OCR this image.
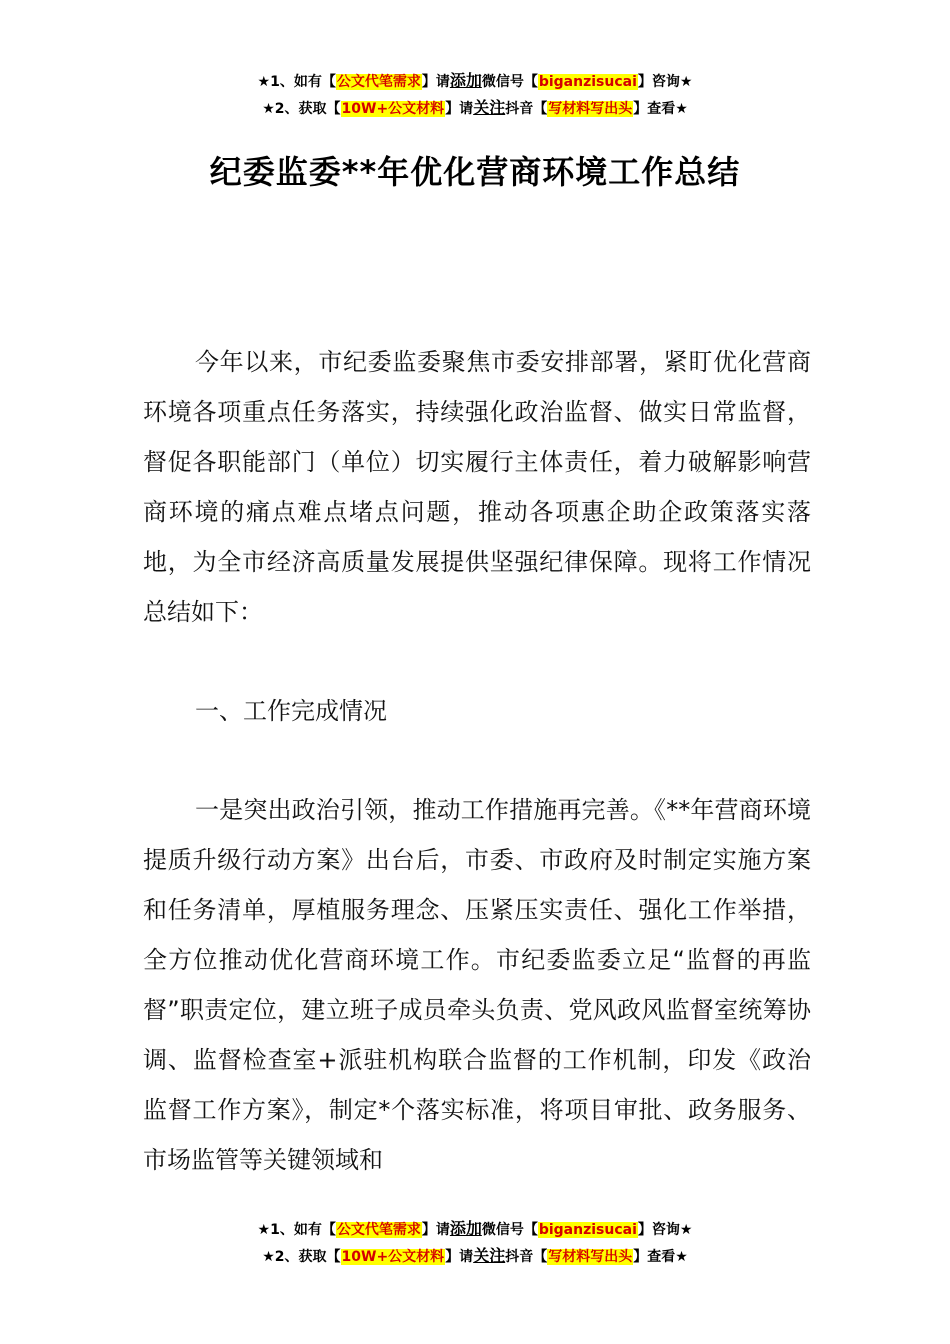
★1、如有【公文代笔需求】请添加微信号【biganzisucai】咨询★
★2、获取【10W+公文材料】请关注抖音【写材料写出头】查看★
纪委监委**年优化营商环境工作总结

今年以来，市纪委监委聚焦市委安排部署，紧盯优化营商环境各项重点任务落实，持续强化政治监督、做实日常监督，督促各职能部门（单位）切实履行主体责任，着力破解影响营商环境的痛点难点堵点问题，推动各项惠企助企政策落实落地，为全市经济高质量发展提供坚强纪律保障。现将工作情况总结如下：

一、工作完成情况

一是突出政治引领，推动工作措施再完善。《**年营商环境提质升级行动方案》出台后，市委、市政府及时制定实施方案和任务清单，厚植服务理念、压紧压实责任、强化工作举措，全方位推动优化营商环境工作。市纪委监委立足“监督的再监督”职责定位，建立班子成员牵头负责、党风政风监督室统筹协调、监督检查室+派驻机构联合监督的工作机制，印发《政治监督工作方案》，制定*个落实标准，将项目审批、政务服务、市场监管等关键领域和

★1、如有【公文代笔需求】请添加微信号【biganzisucai】咨询★
★2、获取【10W+公文材料】请关注抖音【写材料写出头】查看★
